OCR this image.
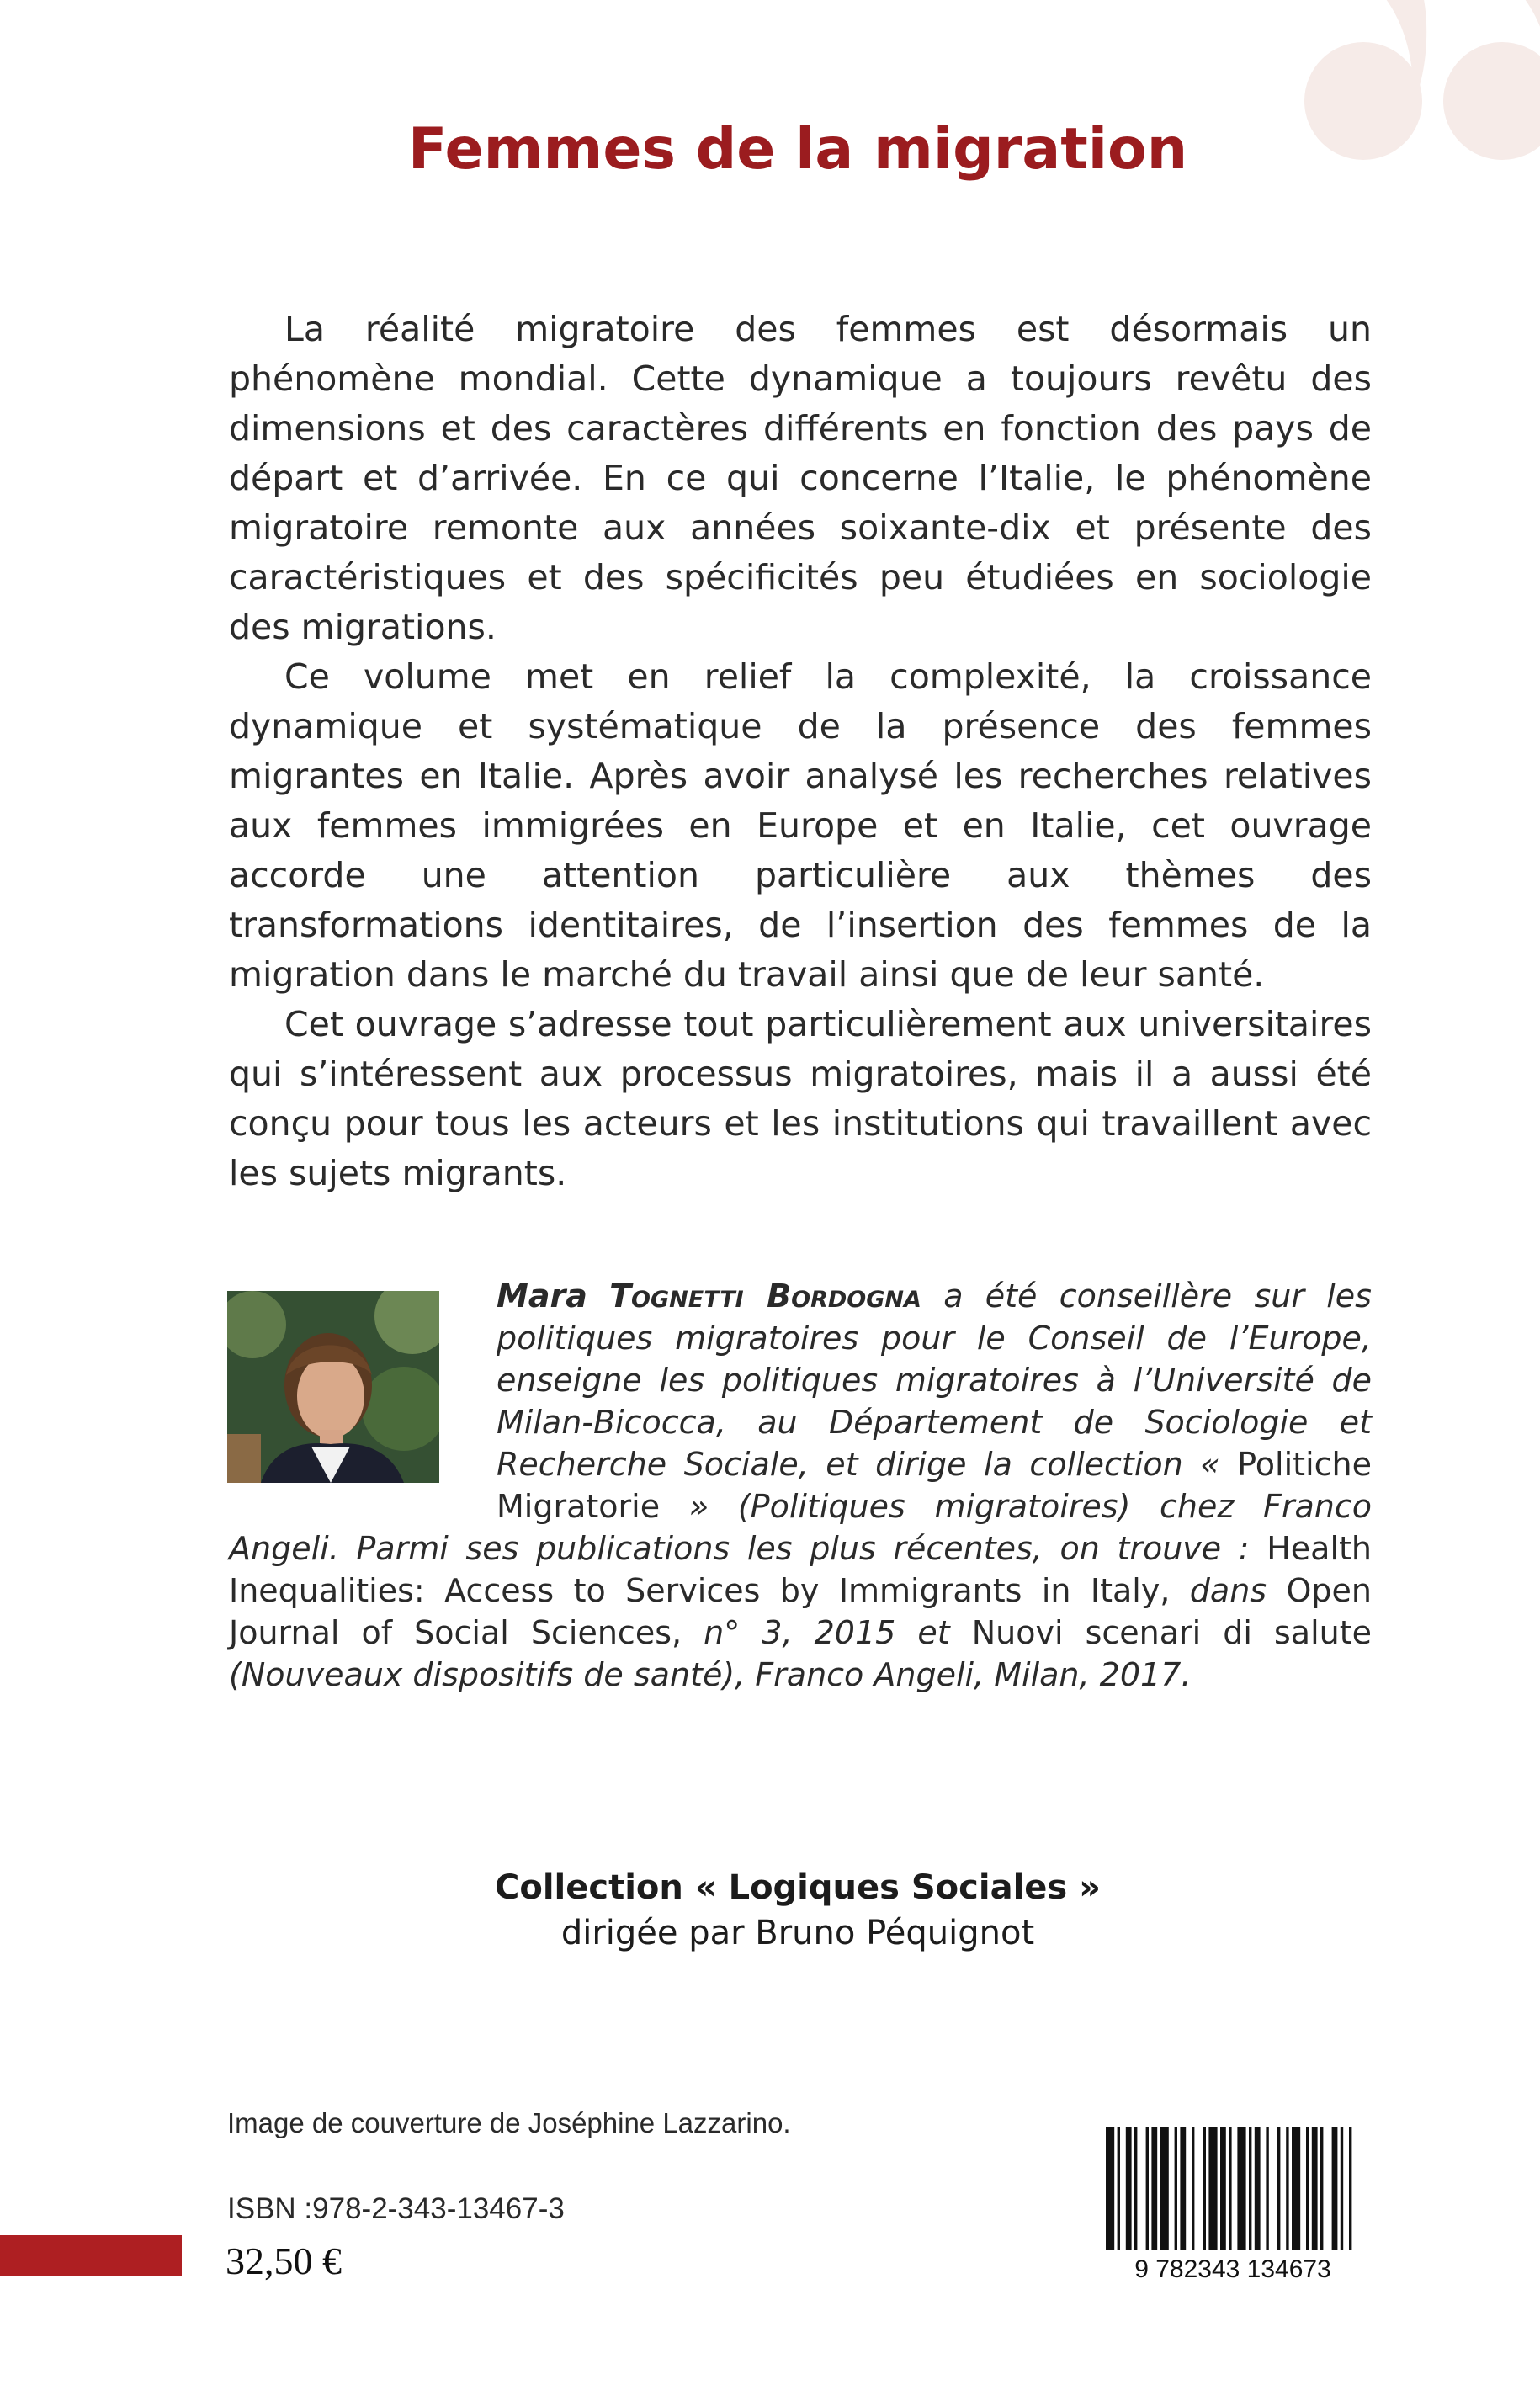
Femmes de la migration

La réalité migratoire des femmes est désormais un phénomène mondial. Cette dynamique a toujours revêtu des dimensions et des caractères différents en fonction des pays de départ et d’arrivée. En ce qui concerne l’Italie, le phénomène migratoire remonte aux années soixante-dix et présente des caractéristiques et des spécificités peu étudiées en sociologie des migrations.

Ce volume met en relief la complexité, la croissance dynamique et systématique de la présence des femmes migrantes en Italie. Après avoir analysé les recherches relatives aux femmes immigrées en Europe et en Italie, cet ouvrage accorde une attention particulière aux thèmes des transformations identitaires, de l’insertion des femmes de la migration dans le marché du travail ainsi que de leur santé.

Cet ouvrage s’adresse tout particulièrement aux universitaires qui s’intéressent aux processus migratoires, mais il a aussi été conçu pour tous les acteurs et les institutions qui travaillent avec les sujets migrants.

Mara Tognetti Bordogna a été conseillère sur les politiques migratoires pour le Conseil de l’Europe, enseigne les politiques migratoires à l’Université de Milan-Bicocca, au Département de Sociologie et Recherche Sociale, et dirige la collection « Politiche Migratorie » (Politiques migratoires) chez Franco Angeli. Parmi ses publications les plus récentes, on trouve : Health Inequalities: Access to Services by Immigrants in Italy, dans Open Journal of Social Sciences, n° 3, 2015 et Nuovi scenari di salute (Nouveaux dispositifs de santé), Franco Angeli, Milan, 2017.
Collection « Logiques Sociales »
dirigée par Bruno Péquignot
Image de couverture de Joséphine Lazzarino.
ISBN :978-2-343-13467-3
32,50 €	9 782343 134673
